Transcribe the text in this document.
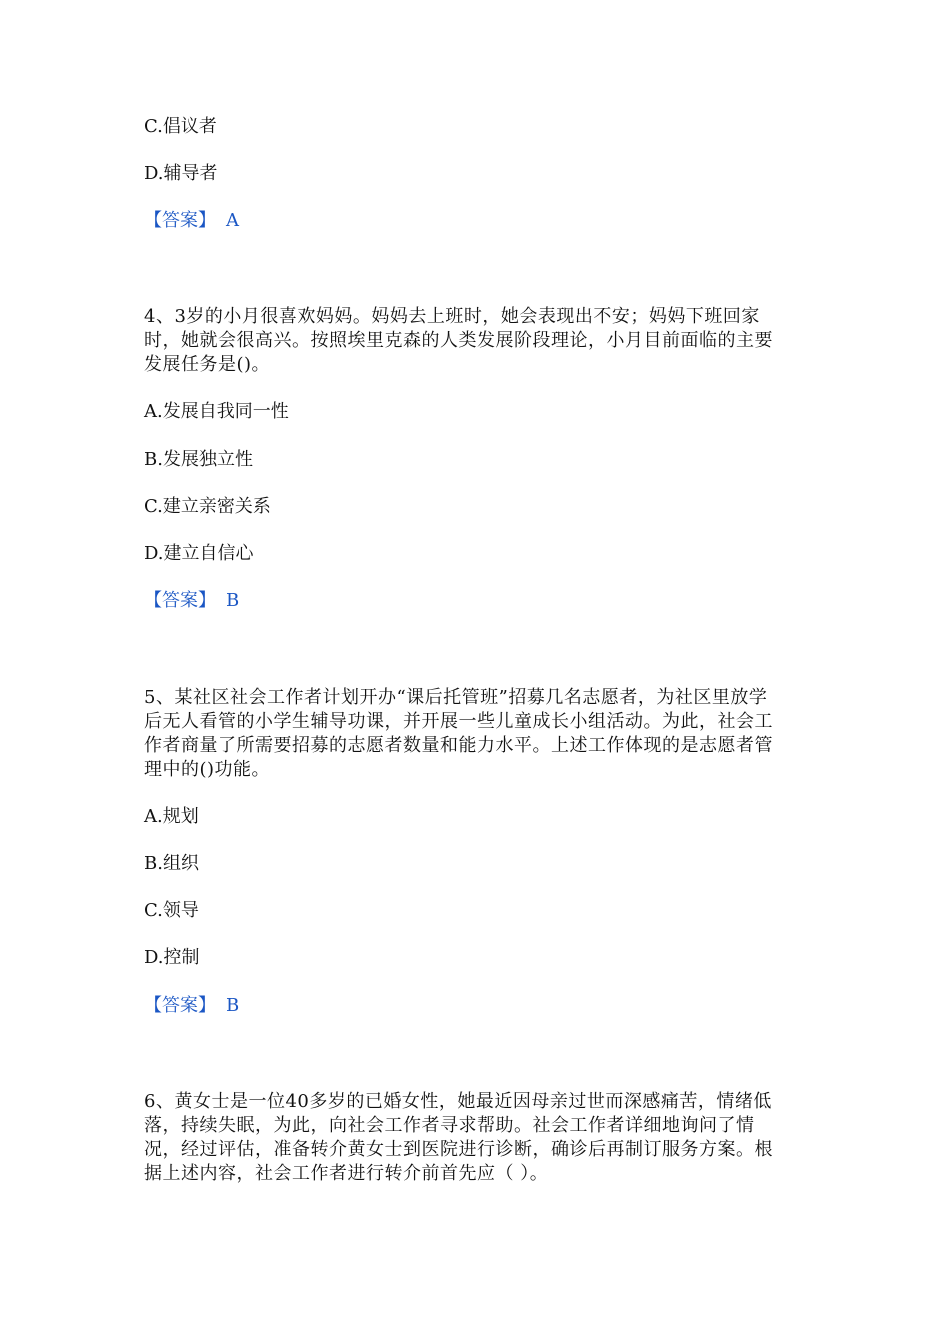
C.倡议者

D.辅导者

【答案】 A

4、3岁的小月很喜欢妈妈。妈妈去上班时，她会表现出不安；妈妈下班回家

时，她就会很高兴。按照埃里克森的人类发展阶段理论，小月目前面临的主要

发展任务是()。

A.发展自我同一性

B.发展独立性

C.建立亲密关系

D.建立自信心

【答案】 B

5、某社区社会工作者计划开办“课后托管班”招募几名志愿者，为社区里放学

后无人看管的小学生辅导功课，并开展一些儿童成长小组活动。为此，社会工

作者商量了所需要招募的志愿者数量和能力水平。上述工作体现的是志愿者管

理中的()功能。

A.规划

B.组织

C.领导

D.控制

【答案】 B

6、黄女士是一位40多岁的已婚女性，她最近因母亲过世而深感痛苦，情绪低

落，持续失眠，为此，向社会工作者寻求帮助。社会工作者详细地询问了情

况，经过评估，准备转介黄女士到医院进行诊断，确诊后再制订服务方案。根

据上述内容，社会工作者进行转介前首先应（ ）。
